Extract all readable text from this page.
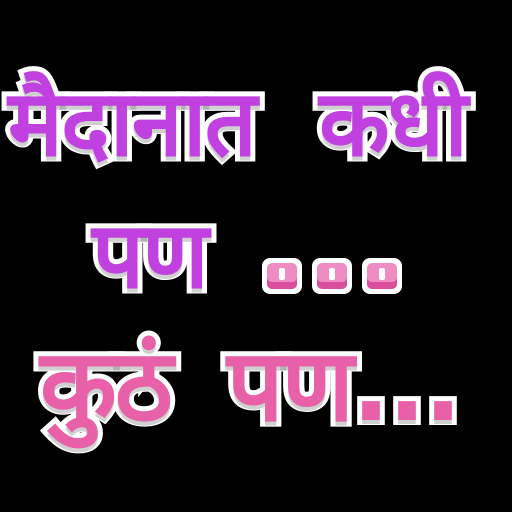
मैदानात कधी
पण
कुठं पण...
